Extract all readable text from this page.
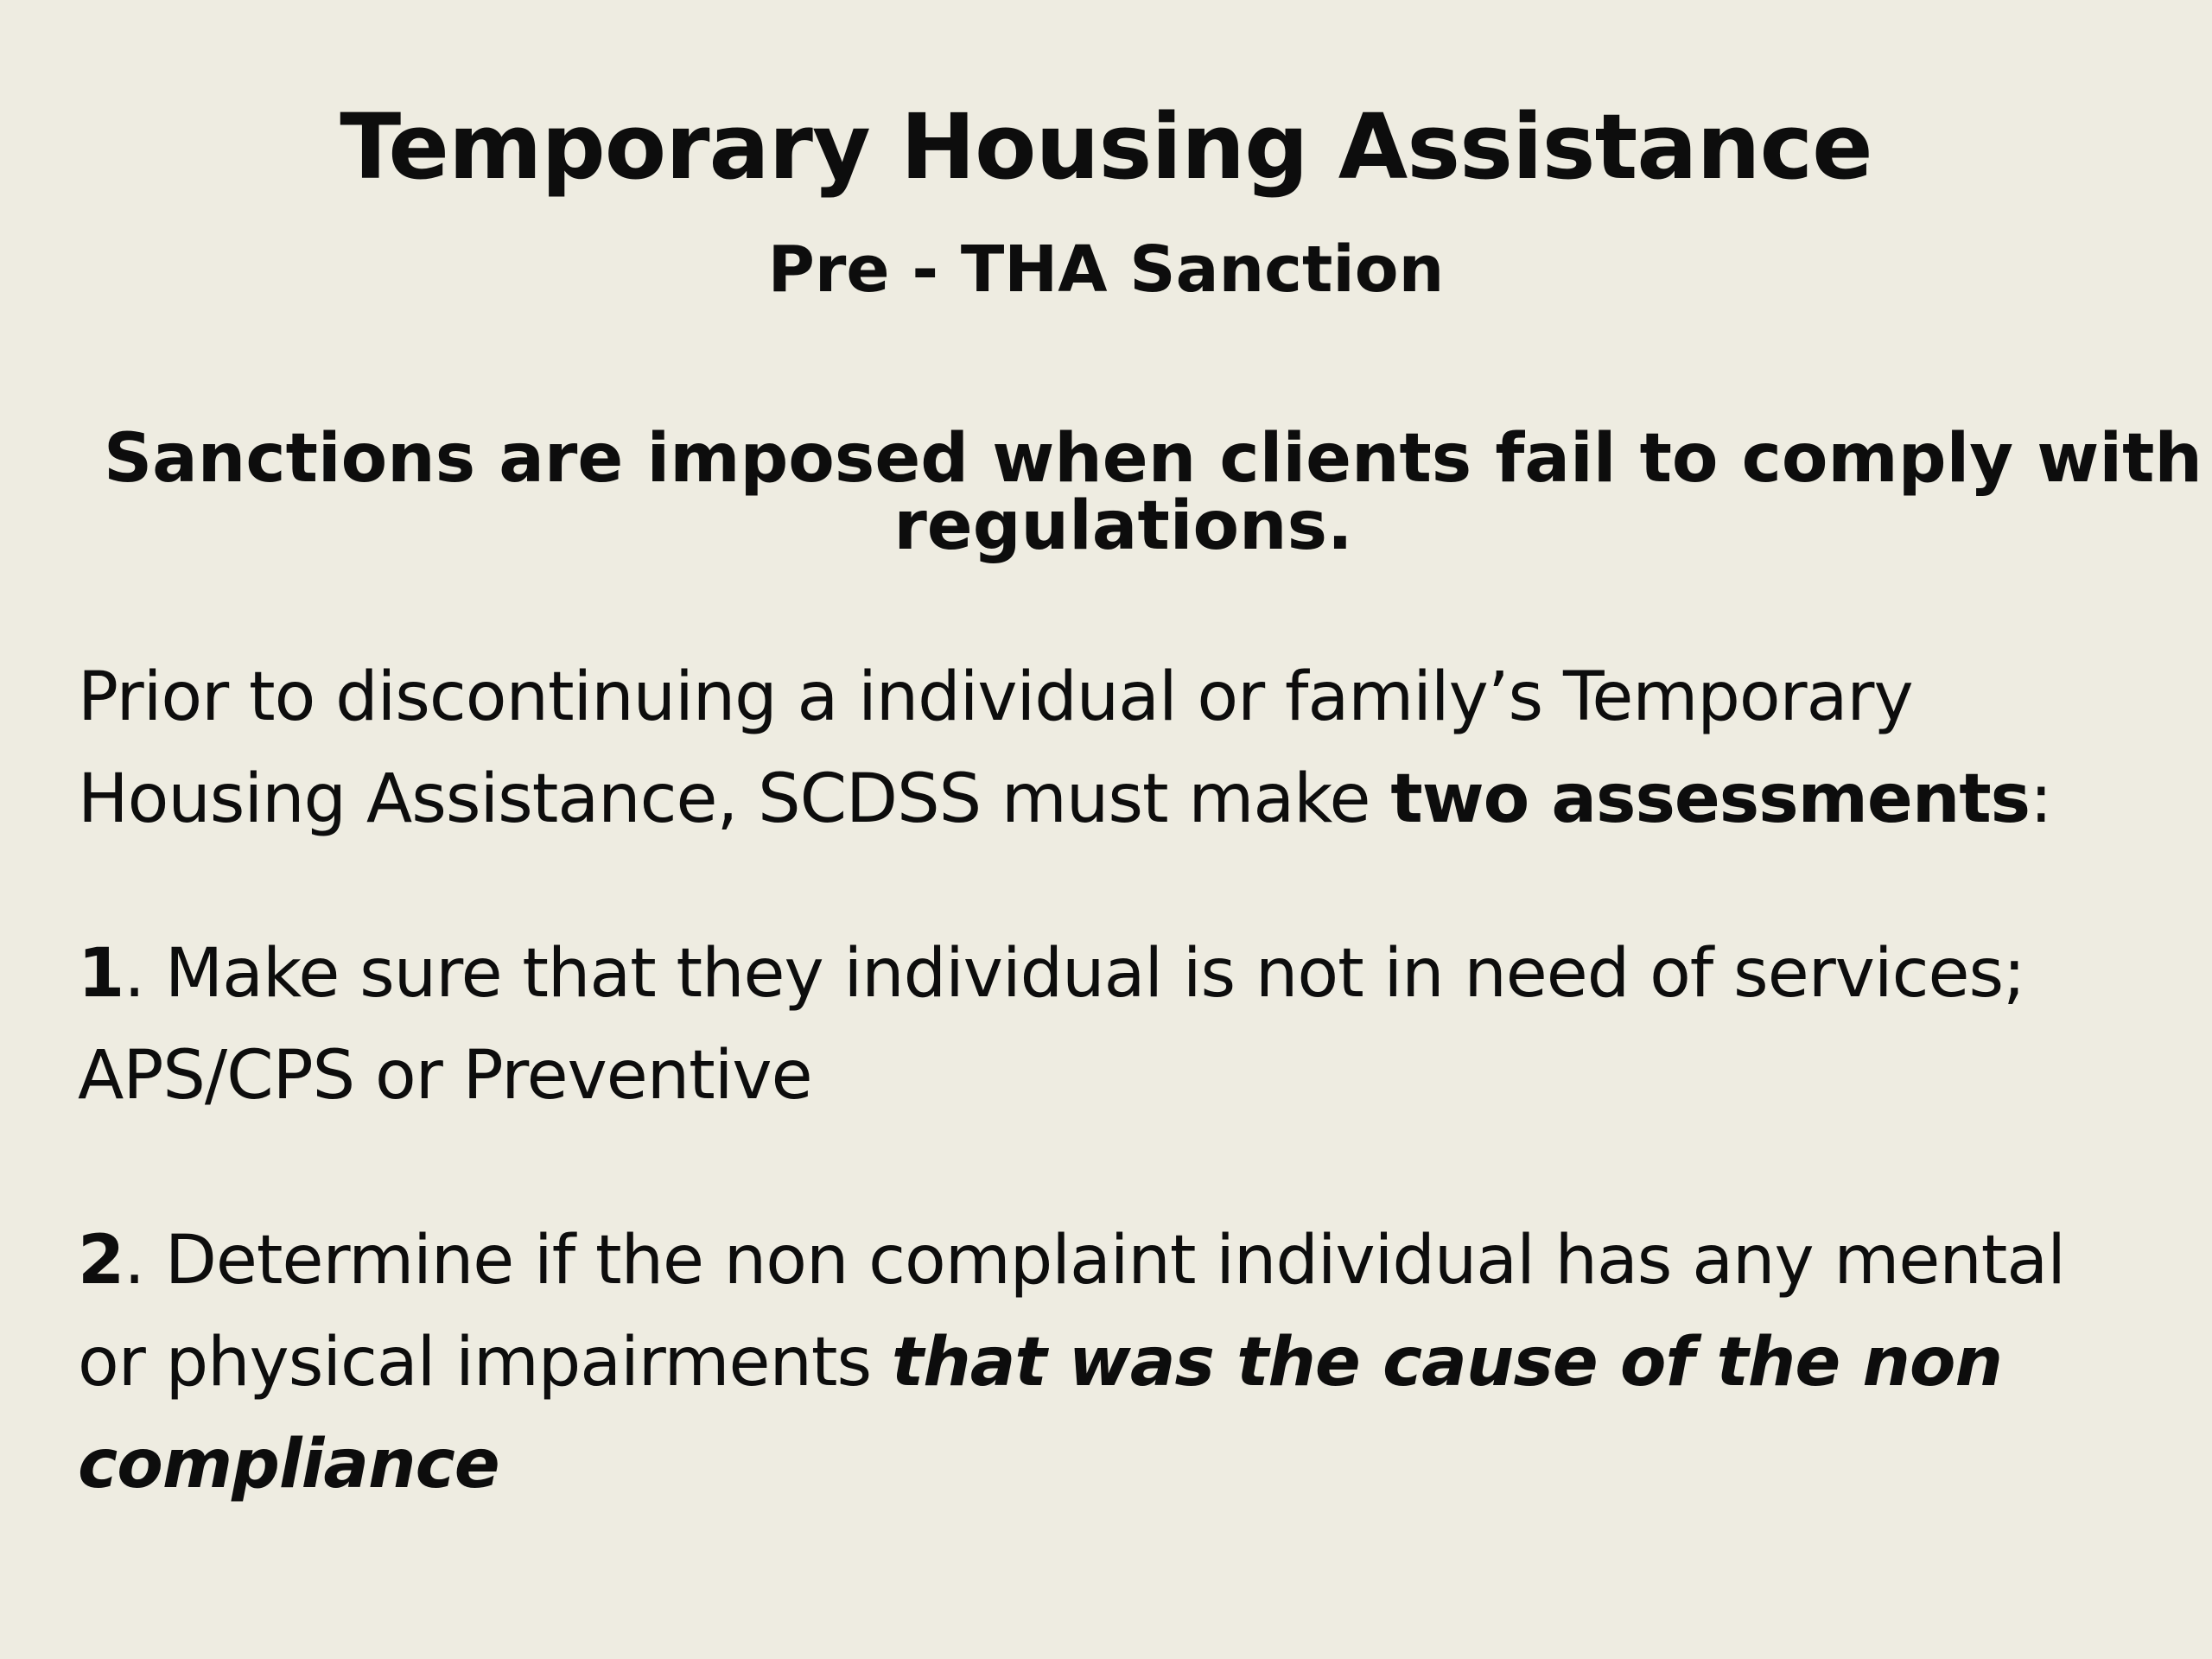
Temporary Housing Assistance
Pre - THA Sanction
Sanctions are imposed when clients fail to comply with
regulations.
Prior to discontinuing a individual or family’s Temporary
Housing Assistance, SCDSS must make two assessments:
1. Make sure that they individual is not in need of services;
APS/CPS or Preventive
2. Determine if the non complaint individual has any mental
or physical impairments that was the cause of the non
compliance
